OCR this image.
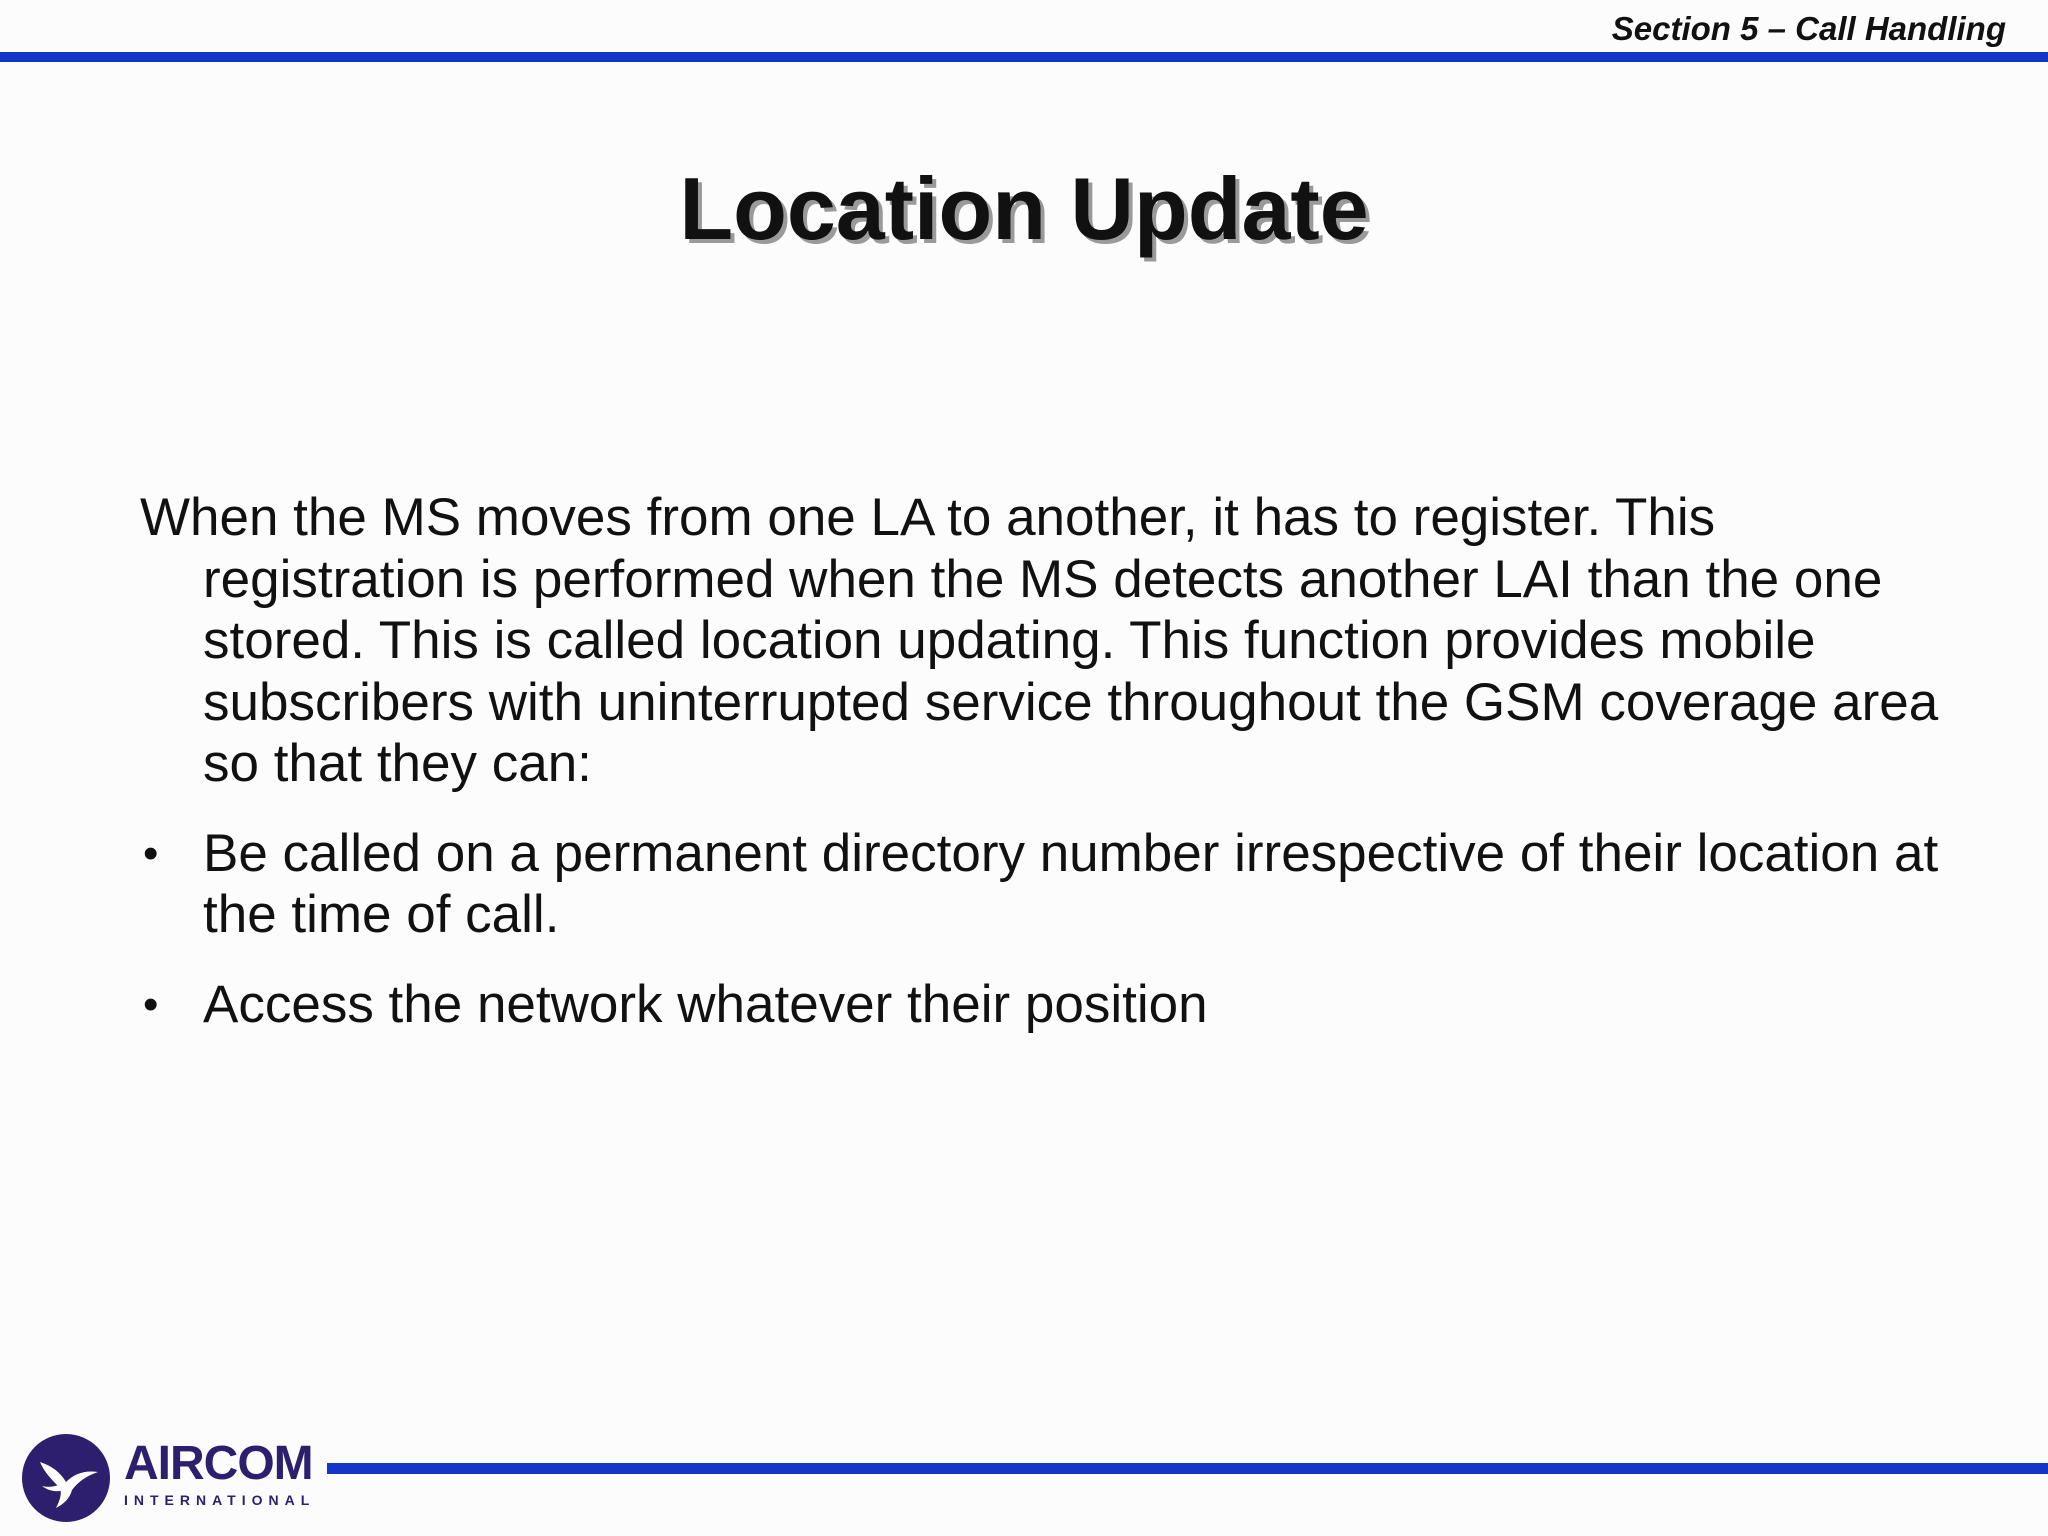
Section 5 – Call Handling
Location Update

When the MS moves from one LA to another, it has to register. This registration is performed when the MS detects another LAI than the one stored. This is called location updating. This function provides mobile subscribers with uninterrupted service throughout the GSM coverage area so that they can:

• Be called on a permanent directory number irrespective of their location at the time of call.
• Access the network whatever their position
AIRCOM
INTERNATIONAL
